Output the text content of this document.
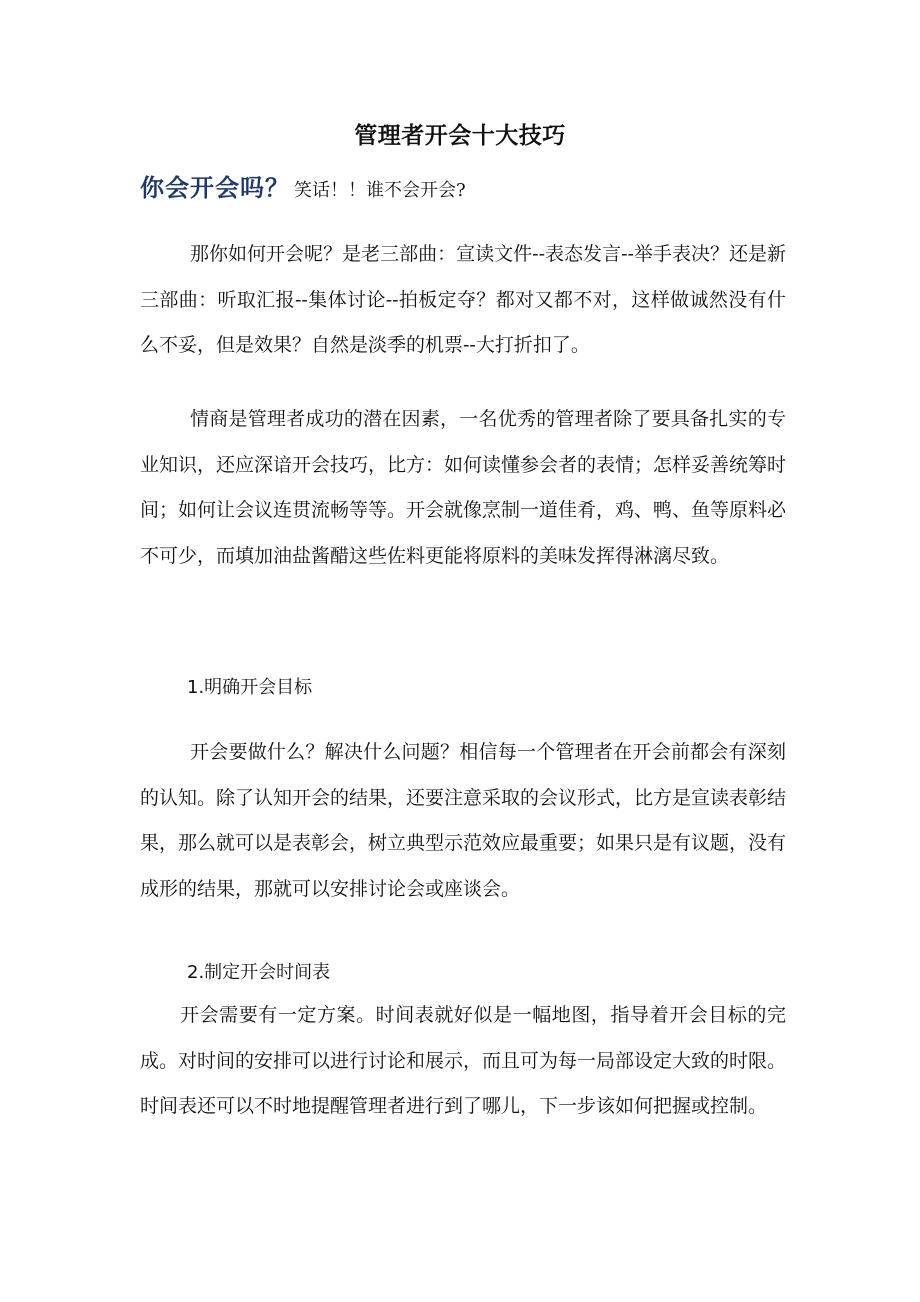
管理者开会十大技巧
你会开会吗？ 笑话！！谁不会开会?

那你如何开会呢？是老三部曲：宣读文件--表态发言--举手表决？还是新三部曲：听取汇报--集体讨论--拍板定夺？都对又都不对，这样做诚然没有什么不妥，但是效果？自然是淡季的机票--大打折扣了。

情商是管理者成功的潜在因素，一名优秀的管理者除了要具备扎实的专业知识，还应深谙开会技巧，比方：如何读懂参会者的表情；怎样妥善统筹时间；如何让会议连贯流畅等等。开会就像烹制一道佳肴，鸡、鸭、鱼等原料必不可少，而填加油盐酱醋这些佐料更能将原料的美味发挥得淋漓尽致。

1.明确开会目标

开会要做什么？解决什么问题？相信每一个管理者在开会前都会有深刻的认知。除了认知开会的结果，还要注意采取的会议形式，比方是宣读表彰结果，那么就可以是表彰会，树立典型示范效应最重要；如果只是有议题，没有成形的结果，那就可以安排讨论会或座谈会。

2.制定开会时间表

开会需要有一定方案。时间表就好似是一幅地图，指导着开会目标的完成。对时间的安排可以进行讨论和展示，而且可为每一局部设定大致的时限。时间表还可以不时地提醒管理者进行到了哪儿，下一步该如何把握或控制。
